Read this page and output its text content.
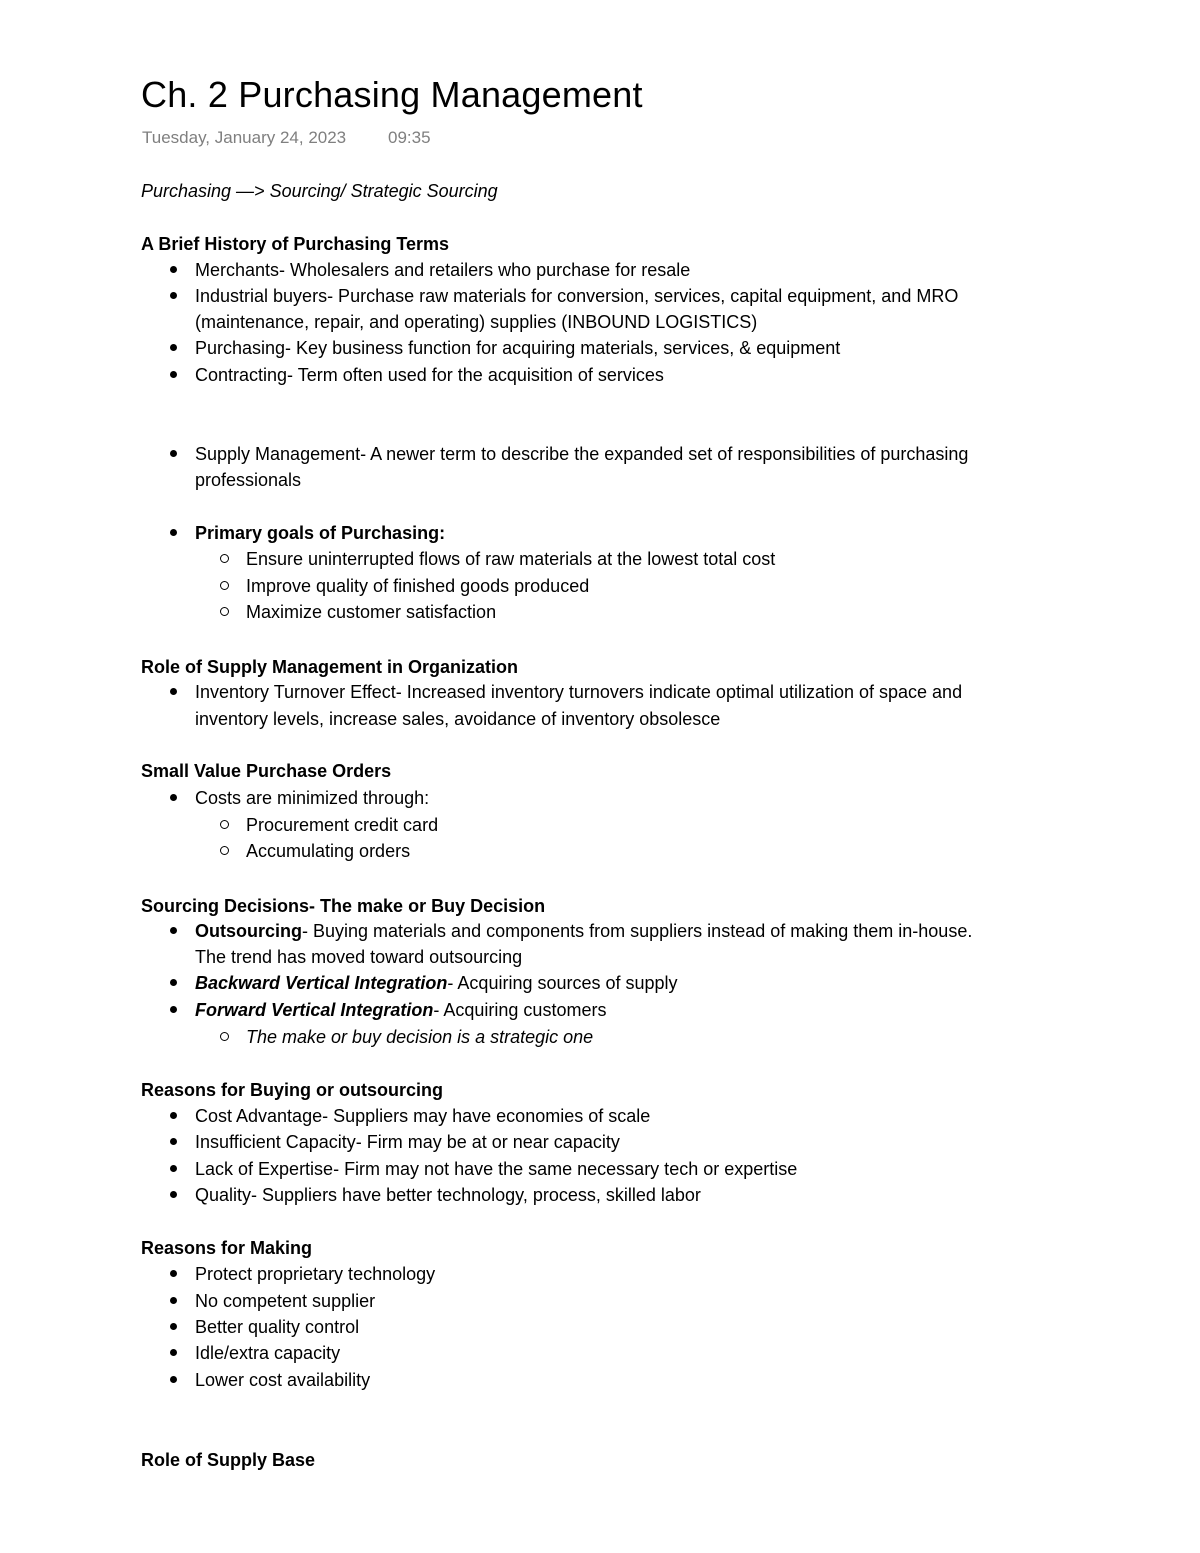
Ch. 2 Purchasing Management
Tuesday, January 24, 2023 09:35
Purchasing —> Sourcing/ Strategic Sourcing
A Brief History of Purchasing Terms
Merchants- Wholesalers and retailers who purchase for resale
Industrial buyers- Purchase raw materials for conversion, services, capital equipment, and MRO
(maintenance, repair, and operating) supplies (INBOUND LOGISTICS)
Purchasing- Key business function for acquiring materials, services, & equipment
Contracting- Term often used for the acquisition of services
Supply Management- A newer term to describe the expanded set of responsibilities of purchasing
professionals
Primary goals of Purchasing:
Ensure uninterrupted flows of raw materials at the lowest total cost
Improve quality of finished goods produced
Maximize customer satisfaction
Role of Supply Management in Organization
Inventory Turnover Effect- Increased inventory turnovers indicate optimal utilization of space and
inventory levels, increase sales, avoidance of inventory obsolesce
Small Value Purchase Orders
Costs are minimized through:
Procurement credit card
Accumulating orders
Sourcing Decisions- The make or Buy Decision
Outsourcing- Buying materials and components from suppliers instead of making them in-house.
The trend has moved toward outsourcing
Backward Vertical Integration- Acquiring sources of supply
Forward Vertical Integration- Acquiring customers
The make or buy decision is a strategic one
Reasons for Buying or outsourcing
Cost Advantage- Suppliers may have economies of scale
Insufficient Capacity- Firm may be at or near capacity
Lack of Expertise- Firm may not have the same necessary tech or expertise
Quality- Suppliers have better technology, process, skilled labor
Reasons for Making
Protect proprietary technology
No competent supplier
Better quality control
Idle/extra capacity
Lower cost availability
Role of Supply Base
